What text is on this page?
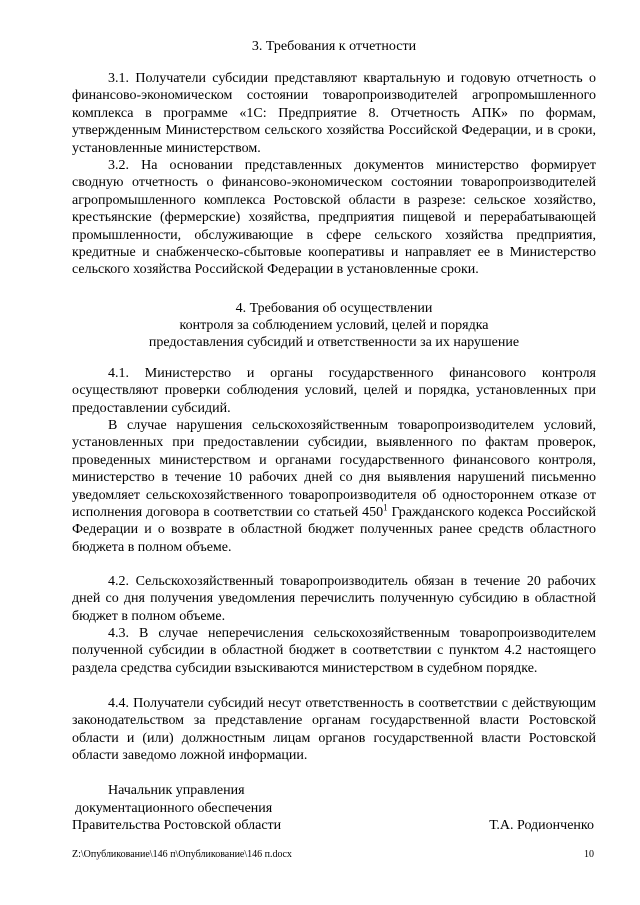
3. Требования к отчетности

3.1. Получатели субсидии представляют квартальную и годовую отчетность о финансово-экономическом состоянии товаропроизводителей агропромышленного комплекса в программе «1С: Предприятие 8. Отчетность АПК» по формам, утвержденным Министерством сельского хозяйства Российской Федерации, и в сроки, установленные министерством.

3.2. На основании представленных документов министерство формирует сводную отчетность о финансово-экономическом состоянии товаропроизводителей агропромышленного комплекса Ростовской области в разрезе: сельское хозяйство, крестьянские (фермерские) хозяйства, предприятия пищевой и перерабатывающей промышленности, обслуживающие в сфере сельского хозяйства предприятия, кредитные и снабженческо-сбытовые кооперативы и направляет ее в Министерство сельского хозяйства Российской Федерации в установленные сроки.

4. Требования об осуществлении
контроля за соблюдением условий, целей и порядка
предоставления субсидий и ответственности за их нарушение

4.1. Министерство и органы государственного финансового контроля осуществляют проверки соблюдения условий, целей и порядка, установленных при предоставлении субсидий.

В случае нарушения сельскохозяйственным товаропроизводителем условий, установленных при предоставлении субсидии, выявленного по фактам проверок, проведенных министерством и органами государственного финансового контроля, министерство в течение 10 рабочих дней со дня выявления нарушений письменно уведомляет сельскохозяйственного товаропроизводителя об одностороннем отказе от исполнения договора в соответствии со статьей $450^1$ Гражданского кодекса Российской Федерации и о возврате в областной бюджет полученных ранее средств областного бюджета в полном объеме.

4.2. Сельскохозяйственный товаропроизводитель обязан в течение 20 рабочих дней со дня получения уведомления перечислить полученную субсидию в областной бюджет в полном объеме.

4.3. В случае неперечисления сельскохозяйственным товаропроизводителем полученной субсидии в областной бюджет в соответствии с пунктом 4.2 настоящего раздела средства субсидии взыскиваются министерством в судебном порядке.

4.4. Получатели субсидий несут ответственность в соответствии с действующим законодательством за представление органам государственной власти Ростовской области и (или) должностным лицам органов государственной власти Ростовской области заведомо ложной информации.

Начальник управления
документационного обеспечения
Правительства Ростовской области	Т.А. Родионченко
Z:\Опубликование\146 п\Опубликование\146 п.docx	10
